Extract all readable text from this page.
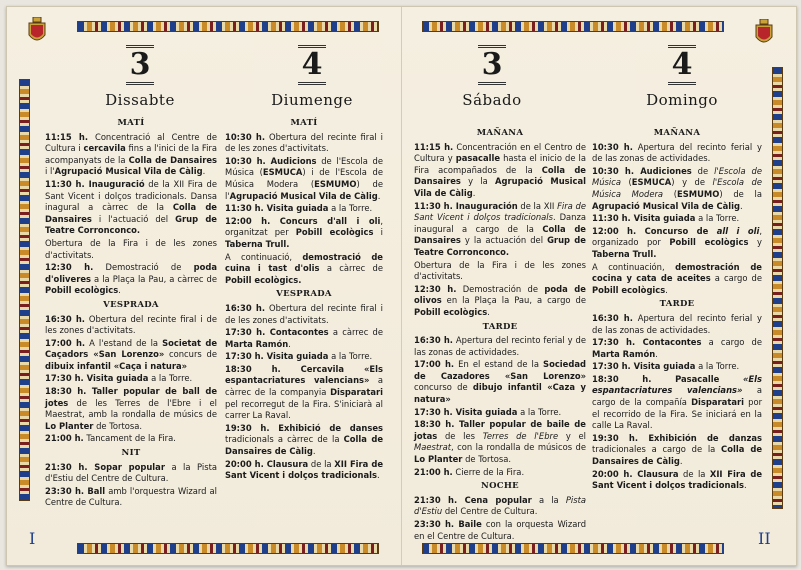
3
Dissabte
4
Diumenge
MATÍ
11:15 h. Concentració al Centre de Cultura i cercavila fins a l'inici de la Fira acompanyats de la Colla de Dansaires i l'Agrupació Musical Vila de Càlig.
11:30 h. Inauguració de la XII Fira de Sant Vicent i dolços tradicionals. Dansa inagural a càrrec de la Colla de Dansaires i l'actuació del Grup de Teatre Corronconco.
Obertura de la Fira i de les zones d'activitats.
12:30 h. Demostració de poda d'oliveres a la Plaça la Pau, a càrrec de Pobill ecològics.
VESPRADA
16:30 h. Obertura del recinte firal i de les zones d'activitats.
17:00 h. A l'estand de la Societat de Caçadors «San Lorenzo» concurs de dibuix infantil «Caça i natura»
17:30 h. Visita guiada a la Torre.
18:30 h. Taller popular de ball de jotes de les Terres de l'Ebre i el Maestrat, amb la rondalla de músics de Lo Planter de Tortosa.
21:00 h. Tancament de la Fira.
NIT
21:30 h. Sopar popular a la Pista d'Estiu del Centre de Cultura.
23:30 h. Ball amb l'orquestra Wizard al Centre de Cultura.
MATÍ
10:30 h. Obertura del recinte firal i de les zones d'activitats.
10:30 h. Audicions de l'Escola de Música (ESMUCA) i de l'Escola de Música Modera (ESMUMO) de l'Agrupació Musical Vila de Càlig.
11:30 h. Visita guiada a la Torre.
12:00 h. Concurs d'all i oli, organitzat per Pobill ecològics i Taberna Trull.
A continuació, demostració de cuina i tast d'olis a càrrec de Pobill ecològics.
VESPRADA
16:30 h. Obertura del recinte firal i de les zones d'activitats.
17:30 h. Contacontes a càrrec de Marta Ramón.
17:30 h. Visita guiada a la Torre.
18:30 h. Cercavila «Els espantacriatures valencians» a càrrec de la companyia Disparatari pel recorregut de la Fira. S'iniciarà al carrer La Raval.
19:30 h. Exhibició de danses tradicionals a càrrec de la Colla de Dansaires de Càlig.
20:00 h. Clausura de la XII Fira de Sant Vicent i dolços tradicionals.
I
3
Sábado
4
Domingo
MAÑANA
11:15 h. Concentración en el Centro de Cultura y pasacalle hasta el inicio de la Fira acompañados de la Colla de Dansaires y la Agrupació Musical Vila de Càlig.
11:30 h. Inauguración de la XII Fira de Sant Vicent i dolços tradicionals. Danza inaugural a cargo de la Colla de Dansaires y la actuación del Grup de Teatre Corronconco.
Obertura de la Fira i de les zones d'activitats.
12:30 h. Demostración de poda de olivos en la Plaça la Pau, a cargo de Pobill ecològics.
TARDE
16:30 h. Apertura del recinto ferial y de las zonas de actividades.
17:00 h. En el estand de la Sociedad de Cazadores «San Lorenzo» concurso de dibujo infantil «Caza y natura»
17:30 h. Visita guiada a la Torre.
18:30 h. Taller popular de baile de jotas de les Terres de l'Ebre y el Maestrat, con la rondalla de músicos de Lo Planter de Tortosa.
21:00 h. Cierre de la Fira.
NOCHE
21:30 h. Cena popular a la Pista d'Estiu del Centre de Cultura.
23:30 h. Baile con la orquesta Wizard en el Centre de Cultura.
MAÑANA
10:30 h. Apertura del recinto ferial y de las zonas de actividades.
10:30 h. Audiciones de l'Escola de Música (ESMUCA) y de l'Escola de Música Modera (ESMUMO) de la Agrupació Musical Vila de Càlig.
11:30 h. Visita guiada a la Torre.
12:00 h. Concurso de all i oli, organizado por Pobill ecològics y Taberna Trull.
A continuación, demostración de cocina y cata de aceites a cargo de Pobill ecològics.
TARDE
16:30 h. Apertura del recinto ferial y de las zonas de actividades.
17:30 h. Contacontes a cargo de Marta Ramón.
17:30 h. Visita guiada a la Torre.
18:30 h. Pasacalle «Els espantacriatures valencians» a cargo de la compañía Disparatari por el recorrido de la Fira. Se iniciará en la calle La Raval.
19:30 h. Exhibición de danzas tradicionales a cargo de la Colla de Dansaires de Càlig.
20:00 h. Clausura de la XII Fira de Sant Vicent i dolços tradicionals.
II
